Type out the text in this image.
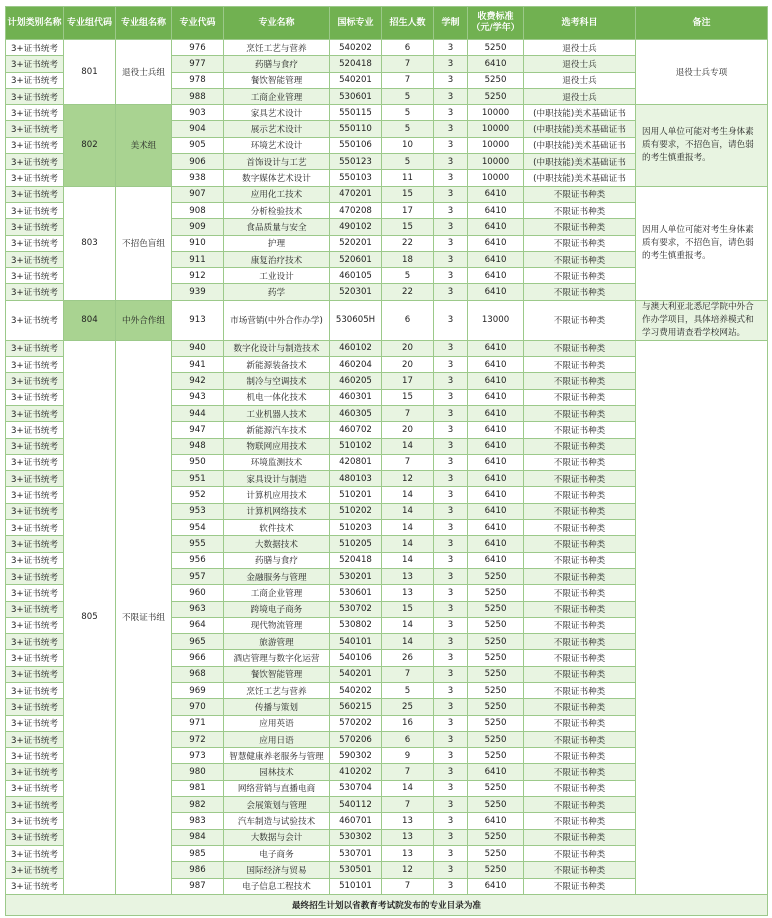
计划类别名称	专业组代码	专业组名称	专业代码	专业名称	国标专业	招生人数	学制	收费标准（元/学年）	选考科目	备注
3+证书统考	801	退役士兵组	976	烹饪工艺与营养	540202	6	3	5250	退役士兵	退役士兵专项
3+证书统考			977	药膳与食疗	520418	7	3	6410	退役士兵	
3+证书统考			978	餐饮智能管理	540201	7	3	5250	退役士兵	
3+证书统考			988	工商企业管理	530601	5	3	5250	退役士兵	
3+证书统考	802	美术组	903	家具艺术设计	550115	5	3	10000	(中职技能)美术基础证书	因用人单位可能对考生身体素质有要求，不招色盲，请色弱的考生慎重报考。
3+证书统考			904	展示艺术设计	550110	5	3	10000	(中职技能)美术基础证书	
3+证书统考			905	环境艺术设计	550106	10	3	10000	(中职技能)美术基础证书	
3+证书统考			906	首饰设计与工艺	550123	5	3	10000	(中职技能)美术基础证书	
3+证书统考			938	数字媒体艺术设计	550103	11	3	10000	(中职技能)美术基础证书	
3+证书统考	803	不招色盲组	907	应用化工技术	470201	15	3	6410	不限证书种类	因用人单位可能对考生身体素质有要求，不招色盲，请色弱的考生慎重报考。
3+证书统考			908	分析检验技术	470208	17	3	6410	不限证书种类	
3+证书统考			909	食品质量与安全	490102	15	3	6410	不限证书种类	
3+证书统考			910	护理	520201	22	3	6410	不限证书种类	
3+证书统考			911	康复治疗技术	520601	18	3	6410	不限证书种类	
3+证书统考			912	工业设计	460105	5	3	6410	不限证书种类	
3+证书统考			939	药学	520301	22	3	6410	不限证书种类	
3+证书统考	804	中外合作组	913	市场营销(中外合作办学)	530605H	6	3	13000	不限证书种类	与澳大利亚北悉尼学院中外合作办学项目，具体培养模式和学习费用请查看学校网站。
3+证书统考	805	不限证书组	940	数字化设计与制造技术	460102	20	3	6410	不限证书种类	
3+证书统考			941	新能源装备技术	460204	20	3	6410	不限证书种类	
3+证书统考			942	制冷与空调技术	460205	17	3	6410	不限证书种类	
3+证书统考			943	机电一体化技术	460301	15	3	6410	不限证书种类	
3+证书统考			944	工业机器人技术	460305	7	3	6410	不限证书种类	
3+证书统考			947	新能源汽车技术	460702	20	3	6410	不限证书种类	
3+证书统考			948	物联网应用技术	510102	14	3	6410	不限证书种类	
3+证书统考			950	环境监测技术	420801	7	3	6410	不限证书种类	
3+证书统考			951	家具设计与制造	480103	12	3	6410	不限证书种类	
3+证书统考			952	计算机应用技术	510201	14	3	6410	不限证书种类	
3+证书统考			953	计算机网络技术	510202	14	3	6410	不限证书种类	
3+证书统考			954	软件技术	510203	14	3	6410	不限证书种类	
3+证书统考			955	大数据技术	510205	14	3	6410	不限证书种类	
3+证书统考			956	药膳与食疗	520418	14	3	6410	不限证书种类	
3+证书统考			957	金融服务与管理	530201	13	3	5250	不限证书种类	
3+证书统考			960	工商企业管理	530601	13	3	5250	不限证书种类	
3+证书统考			963	跨境电子商务	530702	15	3	5250	不限证书种类	
3+证书统考			964	现代物流管理	530802	14	3	5250	不限证书种类	
3+证书统考			965	旅游管理	540101	14	3	5250	不限证书种类	
3+证书统考			966	酒店管理与数字化运营	540106	26	3	5250	不限证书种类	
3+证书统考			968	餐饮智能管理	540201	7	3	5250	不限证书种类	
3+证书统考			969	烹饪工艺与营养	540202	5	3	5250	不限证书种类	
3+证书统考			970	传播与策划	560215	25	3	5250	不限证书种类	
3+证书统考			971	应用英语	570202	16	3	5250	不限证书种类	
3+证书统考			972	应用日语	570206	6	3	5250	不限证书种类	
3+证书统考			973	智慧健康养老服务与管理	590302	9	3	5250	不限证书种类	
3+证书统考			980	园林技术	410202	7	3	6410	不限证书种类	
3+证书统考			981	网络营销与直播电商	530704	14	3	5250	不限证书种类	
3+证书统考			982	会展策划与管理	540112	7	3	5250	不限证书种类	
3+证书统考			983	汽车制造与试验技术	460701	13	3	6410	不限证书种类	
3+证书统考			984	大数据与会计	530302	13	3	5250	不限证书种类	
3+证书统考			985	电子商务	530701	13	3	5250	不限证书种类	
3+证书统考			986	国际经济与贸易	530501	12	3	5250	不限证书种类	
3+证书统考			987	电子信息工程技术	510101	7	3	6410	不限证书种类	
最终招生计划以省教育考试院发布的专业目录为准										
